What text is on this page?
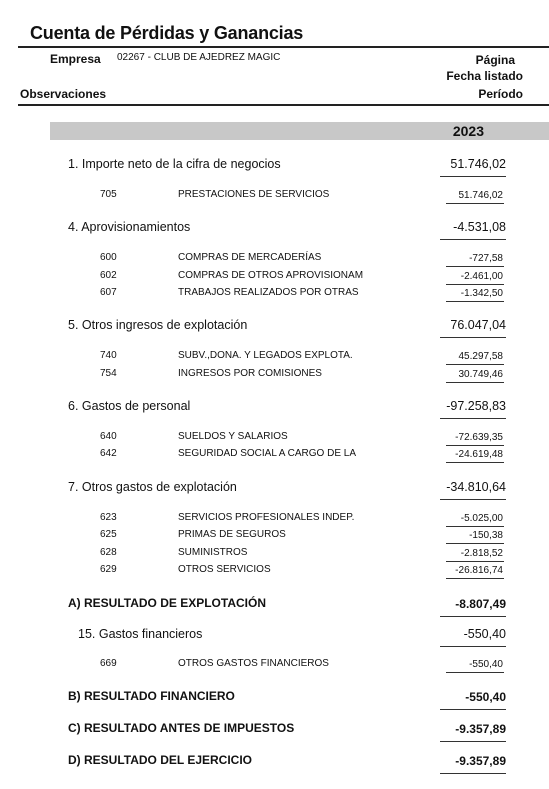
Cuenta de Pérdidas y Ganancias
Empresa 02267 - CLUB DE AJEDREZ MAGIC	Página
Fecha listado
Observaciones	Período
2023
1. Importe neto de la cifra de negocios	51.746,02
705	PRESTACIONES DE SERVICIOS	51.746,02
4. Aprovisionamientos	-4.531,08
600	COMPRAS DE MERCADERÍAS	-727,58
602	COMPRAS DE OTROS APROVISIONAM	-2.461,00
607	TRABAJOS REALIZADOS POR OTRAS	-1.342,50
5. Otros ingresos de explotación	76.047,04
740	SUBV.,DONA. Y LEGADOS EXPLOTA.	45.297,58
754	INGRESOS POR COMISIONES	30.749,46
6. Gastos de personal	-97.258,83
640	SUELDOS Y SALARIOS	-72.639,35
642	SEGURIDAD SOCIAL A CARGO DE LA	-24.619,48
7. Otros gastos de explotación	-34.810,64
623	SERVICIOS PROFESIONALES INDEP.	-5.025,00
625	PRIMAS DE SEGUROS	-150,38
628	SUMINISTROS	-2.818,52
629	OTROS SERVICIOS	-26.816,74
A) RESULTADO DE EXPLOTACIÓN	-8.807,49
15. Gastos financieros	-550,40
669	OTROS GASTOS FINANCIEROS	-550,40
B) RESULTADO FINANCIERO	-550,40
C) RESULTADO ANTES DE IMPUESTOS	-9.357,89
D) RESULTADO DEL EJERCICIO	-9.357,89
